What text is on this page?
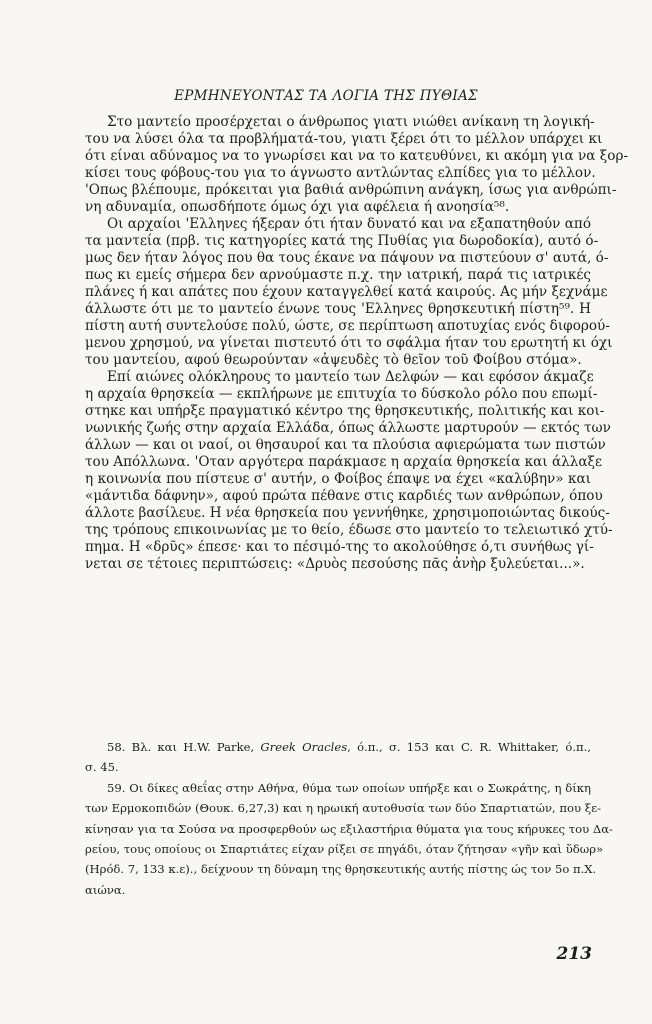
ΕΡΜΗΝΕΥΟΝΤΑΣ ΤΑ ΛΟΓΙΑ ΤΗΣ ΠΥΘΙΑΣ
Στο μαντείο προσέρχεται ο άνθρωπος γιατι νιώθει ανίκανη τη λογική-
του να λύσει όλα τα προβλήματά-του, γιατι ξέρει ότι το μέλλον υπάρχει κι
ότι είναι αδύναμος να το γνωρίσει και να το κατευθύνει, κι ακόμη για να ξορ-
κίσει τους φόβους-του για το άγνωστο αντλώντας ελπίδες για το μέλλον.
'Οπως βλέπουμε, πρόκειται για βαθιά ανθρώπινη ανάγκη, ίσως για ανθρώπι-
νη αδυναμία, οπωσδήποτε όμως όχι για αφέλεια ή ανοησία⁵⁸.
Οι αρχαίοι 'Ελληνες ήξεραν ότι ήταν δυνατό και να εξαπατηθούν από
τα μαντεία (πρβ. τις κατηγορίες κατά της Πυθίας για δωροδοκία), αυτό ό-
μως δεν ήταν λόγος που θα τους έκανε να πάψουν να πιστεύουν σ' αυτά, ό-
πως κι εμείς σήμερα δεν αρνούμαστε π.χ. την ιατρική, παρά τις ιατρικές
πλάνες ή και απάτες που έχουν καταγγελθεί κατά καιρούς. Ας μήν ξεχνάμε
άλλωστε ότι με το μαντείο ένωνε τους 'Ελληνες θρησκευτική πίστη⁵⁹. Η
πίστη αυτή συντελούσε πολύ, ώστε, σε περίπτωση αποτυχίας ενός διφορού-
μενου χρησμού, να γίνεται πιστευτό ότι το σφάλμα ήταν του ερωτητή κι όχι
του μαντείου, αφού θεωρούνταν «ἀψευδὲς τὸ θεῖον τοῦ Φοίβου στόμα».
Επί αιώνες ολόκληρους το μαντείο των Δελφών — και εφόσον άκμαζε
η αρχαία θρησκεία — εκπλήρωνε με επιτυχία το δύσκολο ρόλο που επωμί-
στηκε και υπήρξε πραγματικό κέντρο της θρησκευτικής, πολιτικής και κοι-
νωνικής ζωής στην αρχαία Ελλάδα, όπως άλλωστε μαρτυρούν — εκτός των
άλλων — και οι ναοί, οι θησαυροί και τα πλούσια αφιερώματα των πιστών
του Απόλλωνα. 'Οταν αργότερα παράκμασε η αρχαία θρησκεία και άλλαξε
η κοινωνία που πίστευε σ' αυτήν, ο Φοίβος έπαψε να έχει «καλύβην» και
«μάντιδα δάφνην», αφού πρώτα πέθανε στις καρδιές των ανθρώπων, όπου
άλλοτε βασίλευε. Η νέα θρησκεία που γεννήθηκε, χρησιμοποιώντας δικούς-
της τρόπους επικοινωνίας με το θείο, έδωσε στο μαντείο το τελειωτικό χτύ-
πημα. Η «δρῦς» έπεσε· και το πέσιμό-της το ακολούθησε ό,τι συνήθως γί-
νεται σε τέτοιες περιπτώσεις: «Δρυὸς πεσούσης πᾶς ἀνὴρ ξυλεύεται...».
58. Βλ. και H.W. Parke, Greek Oracles, ό.π., σ. 153 και C. R. Whittaker, ό.π.,
σ. 45.
59. Οι δίκες αθεΐας στην Αθήνα, θύμα των οποίων υπήρξε και ο Σωκράτης, η δίκη
των Ερμοκοπιδών (Θουκ. 6,27,3) και η ηρωική αυτοθυσία των δύο Σπαρτιατών, που ξε-
κίνησαν για τα Σούσα να προσφερθούν ως εξιλαστήρια θύματα για τους κήρυκες του Δα-
ρείου, τους οποίους οι Σπαρτιάτες είχαν ρίξει σε πηγάδι, όταν ζήτησαν «γῆν καὶ ὕδωρ»
(Ηρόδ. 7, 133 κ.ε)., δείχνουν τη δύναμη της θρησκευτικής αυτής πίστης ώς τον 5ο π.Χ.
αιώνα.
213
